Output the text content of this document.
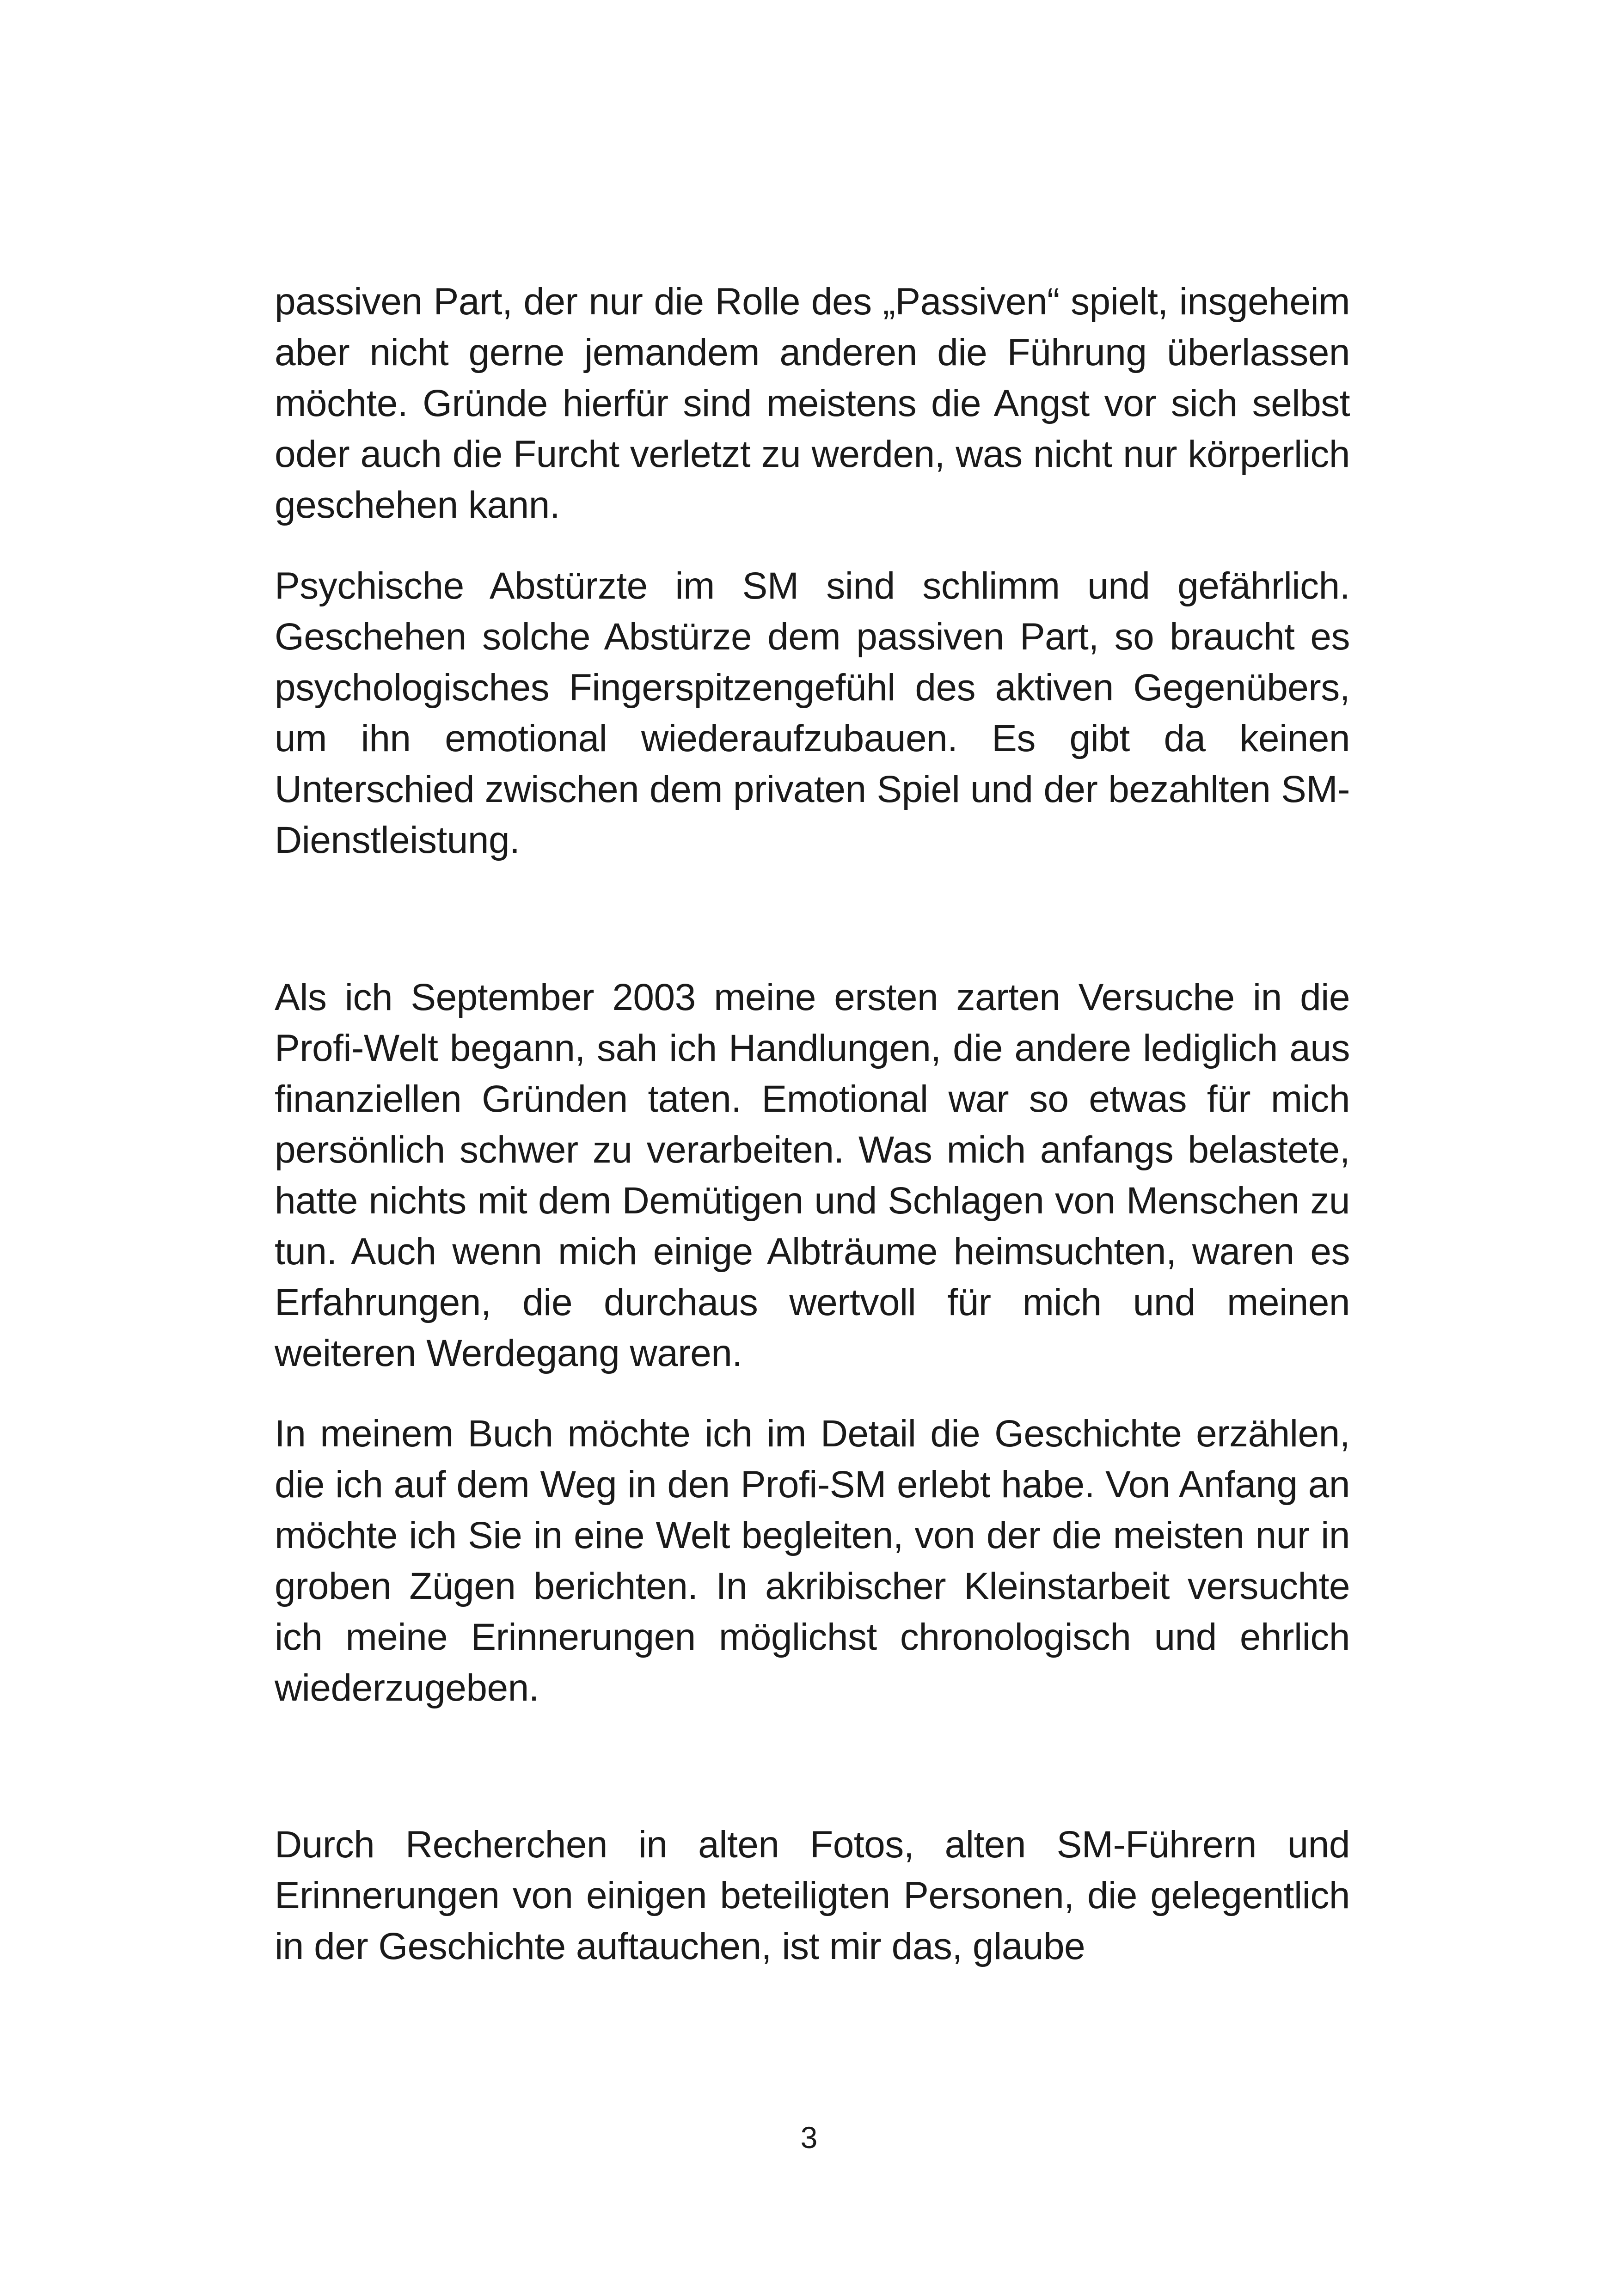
passiven Part, der nur die Rolle des „Passiven“ spielt, insgeheim aber nicht gerne jemandem anderen die Führung überlassen möchte. Gründe hierfür sind meistens die Angst vor sich selbst oder auch die Furcht verletzt zu werden, was nicht nur körperlich geschehen kann.

Psychische Abstürzte im SM sind schlimm und gefährlich. Geschehen solche Abstürze dem passiven Part, so braucht es psychologisches Fingerspitzengefühl des aktiven Gegenübers, um ihn emotional wiederaufzubauen. Es gibt da keinen Unterschied zwischen dem privaten Spiel und der bezahlten SM-Dienstleistung.

Als ich September 2003 meine ersten zarten Versuche in die Profi-Welt begann, sah ich Handlungen, die andere lediglich aus finanziellen Gründen taten. Emotional war so etwas für mich persönlich schwer zu verarbeiten. Was mich anfangs belastete, hatte nichts mit dem Demütigen und Schlagen von Menschen zu tun. Auch wenn mich einige Albträume heimsuchten, waren es Erfahrungen, die durchaus wertvoll für mich und meinen weiteren Werdegang waren.

In meinem Buch möchte ich im Detail die Geschichte erzählen, die ich auf dem Weg in den Profi-SM erlebt habe. Von Anfang an möchte ich Sie in eine Welt begleiten, von der die meisten nur in groben Zügen berichten. In akribischer Kleinstarbeit versuchte ich meine Erinnerungen möglichst chronologisch und ehrlich wiederzugeben.

Durch Recherchen in alten Fotos, alten SM-Führern und Erinnerungen von einigen beteiligten Personen, die gelegentlich in der Geschichte auftauchen, ist mir das, glaube

3
